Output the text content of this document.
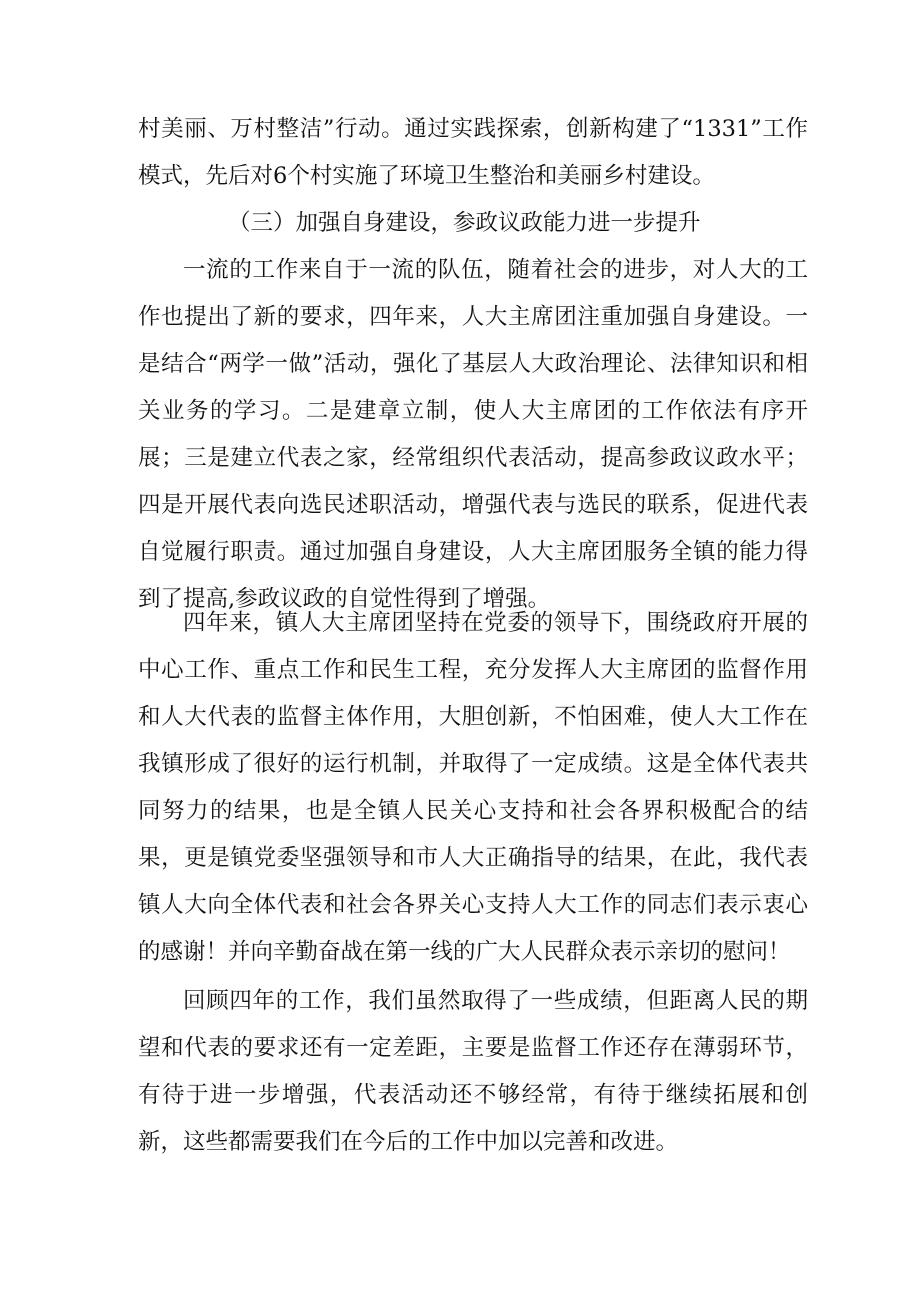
村美丽、万村整洁”行动。通过实践探索，创新构建了“1331”工作模式，先后对6个村实施了环境卫生整治和美丽乡村建设。
（三）加强自身建设，参政议政能力进一步提升
一流的工作来自于一流的队伍，随着社会的进步，对人大的工作也提出了新的要求，四年来，人大主席团注重加强自身建设。一是结合“两学一做”活动，强化了基层人大政治理论、法律知识和相关业务的学习。二是建章立制，使人大主席团的工作依法有序开展；三是建立代表之家，经常组织代表活动，提高参政议政水平；四是开展代表向选民述职活动，增强代表与选民的联系，促进代表自觉履行职责。通过加强自身建设，人大主席团服务全镇的能力得到了提高,参政议政的自觉性得到了增强。
四年来，镇人大主席团坚持在党委的领导下，围绕政府开展的中心工作、重点工作和民生工程，充分发挥人大主席团的监督作用和人大代表的监督主体作用，大胆创新，不怕困难，使人大工作在我镇形成了很好的运行机制，并取得了一定成绩。这是全体代表共同努力的结果，也是全镇人民关心支持和社会各界积极配合的结果，更是镇党委坚强领导和市人大正确指导的结果，在此，我代表镇人大向全体代表和社会各界关心支持人大工作的同志们表示衷心的感谢！并向辛勤奋战在第一线的广大人民群众表示亲切的慰问！
回顾四年的工作，我们虽然取得了一些成绩，但距离人民的期望和代表的要求还有一定差距，主要是监督工作还存在薄弱环节，有待于进一步增强，代表活动还不够经常，有待于继续拓展和创新，这些都需要我们在今后的工作中加以完善和改进。
